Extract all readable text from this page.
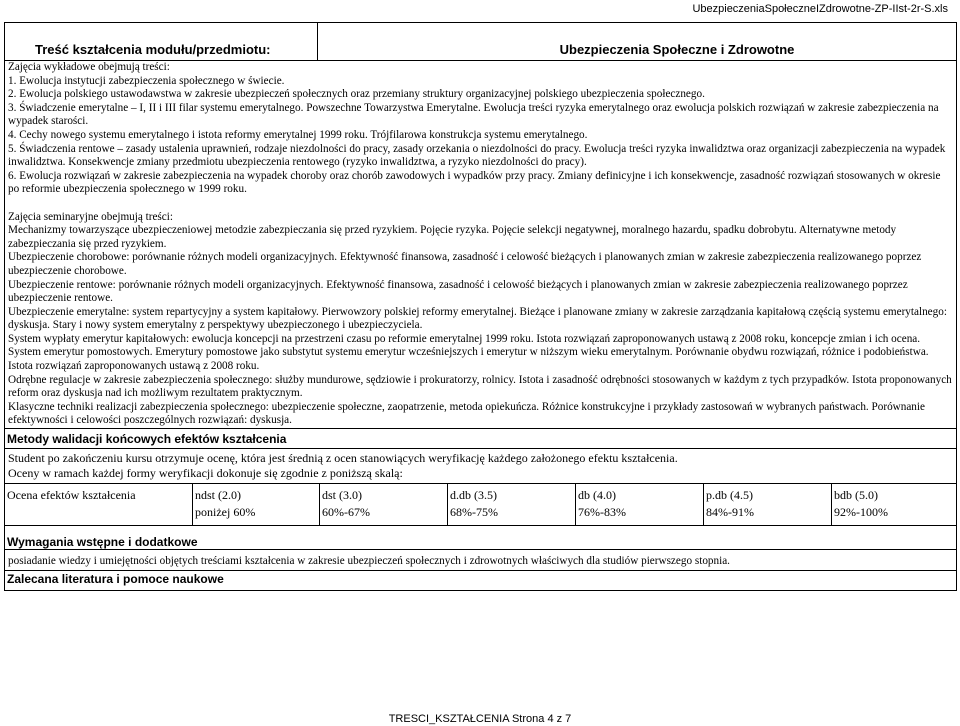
UbezpieczeniaSpołeczneIZdrowotne-ZP-IIst-2r-S.xls
Treść kształcenia modułu/przedmiotu:	Ubezpieczenia Społeczne i Zdrowotne

Zajęcia wykładowe obejmują treści:

1. Ewolucja instytucji zabezpieczenia społecznego w świecie.

2. Ewolucja polskiego ustawodawstwa w zakresie ubezpieczeń społecznych oraz przemiany struktury organizacyjnej polskiego ubezpieczenia społecznego.

3. Świadczenie emerytalne – I, II i III filar systemu emerytalnego. Powszechne Towarzystwa Emerytalne. Ewolucja treści ryzyka emerytalnego oraz ewolucja polskich rozwiązań w zakresie zabezpieczenia na wypadek starości.

4. Cechy nowego systemu emerytalnego i istota reformy emerytalnej 1999 roku. Trójfilarowa konstrukcja systemu emerytalnego.

5. Świadczenia rentowe – zasady ustalenia uprawnień, rodzaje niezdolności do pracy, zasady orzekania o niezdolności do pracy. Ewolucja treści ryzyka inwalidztwa oraz organizacji zabezpieczenia na wypadek inwalidztwa. Konsekwencje zmiany przedmiotu ubezpieczenia rentowego (ryzyko inwalidztwa, a ryzyko niezdolności do pracy).

6. Ewolucja rozwiązań w zakresie zabezpieczenia na wypadek choroby oraz chorób zawodowych i wypadków przy pracy. Zmiany definicyjne i ich konsekwencje, zasadność rozwiązań stosowanych w okresie po reformie ubezpieczenia społecznego w 1999 roku.

Zajęcia seminaryjne obejmują treści:

Mechanizmy towarzyszące ubezpieczeniowej metodzie zabezpieczania się przed ryzykiem. Pojęcie ryzyka. Pojęcie selekcji negatywnej, moralnego hazardu, spadku dobrobytu. Alternatywne metody zabezpieczania się przed ryzykiem.

Ubezpieczenie chorobowe: porównanie różnych modeli organizacyjnych. Efektywność finansowa, zasadność i celowość bieżących i planowanych zmian w zakresie zabezpieczenia realizowanego poprzez ubezpieczenie chorobowe.

Ubezpieczenie rentowe: porównanie różnych modeli organizacyjnych. Efektywność finansowa, zasadność i celowość bieżących i planowanych zmian w zakresie zabezpieczenia realizowanego poprzez ubezpieczenie rentowe.

Ubezpieczenie emerytalne: system repartycyjny a system kapitałowy. Pierwowzory polskiej reformy emerytalnej. Bieżące i planowane zmiany w zakresie zarządzania kapitałową częścią systemu emerytalnego: dyskusja. Stary i nowy system emerytalny z perspektywy ubezpieczonego i ubezpieczyciela.

System wypłaty emerytur kapitałowych: ewolucja koncepcji na przestrzeni czasu po reformie emerytalnej 1999 roku. Istota rozwiązań zaproponowanych ustawą z 2008 roku, koncepcje zmian i ich ocena.

System emerytur pomostowych. Emerytury pomostowe jako substytut systemu emerytur wcześniejszych i emerytur w niższym wieku emerytalnym. Porównanie obydwu rozwiązań, różnice i podobieństwa. Istota rozwiązań zaproponowanych ustawą z 2008 roku.

Odrębne regulacje w zakresie zabezpieczenia społecznego: służby mundurowe, sędziowie i prokuratorzy, rolnicy. Istota i zasadność odrębności stosowanych w każdym z tych przypadków. Istota proponowanych reform oraz dyskusja nad ich możliwym rezultatem praktycznym.

Klasyczne techniki realizacji zabezpieczenia społecznego: ubezpieczenie społeczne, zaopatrzenie, metoda opiekuńcza. Różnice konstrukcyjne i przykłady zastosowań w wybranych państwach. Porównanie efektywności i celowości poszczególnych rozwiązań: dyskusja.

Metody walidacji końcowych efektów kształcenia

Student po zakończeniu kursu otrzymuje ocenę, która jest średnią z ocen stanowiących weryfikację każdego założonego efektu kształcenia.

Oceny w ramach każdej formy weryfikacji dokonuje się zgodnie z poniższą skalą:

Ocena efektów kształcenia	ndst (2.0)
poniżej 60%
dst (3.0)
60%-67%
d.db (3.5)
68%-75%
db (4.0)
76%-83%
p.db (4.5)
84%-91%
bdb (5.0)
92%-100%
Wymagania wstępne i dodatkowe
posiadanie wiedzy i umiejętności objętych treściami kształcenia w zakresie ubezpieczeń społecznych i zdrowotnych właściwych dla studiów pierwszego stopnia.
Zalecana literatura i pomoce naukowe
TRESCI_KSZTAŁCENIA Strona 4 z 7
